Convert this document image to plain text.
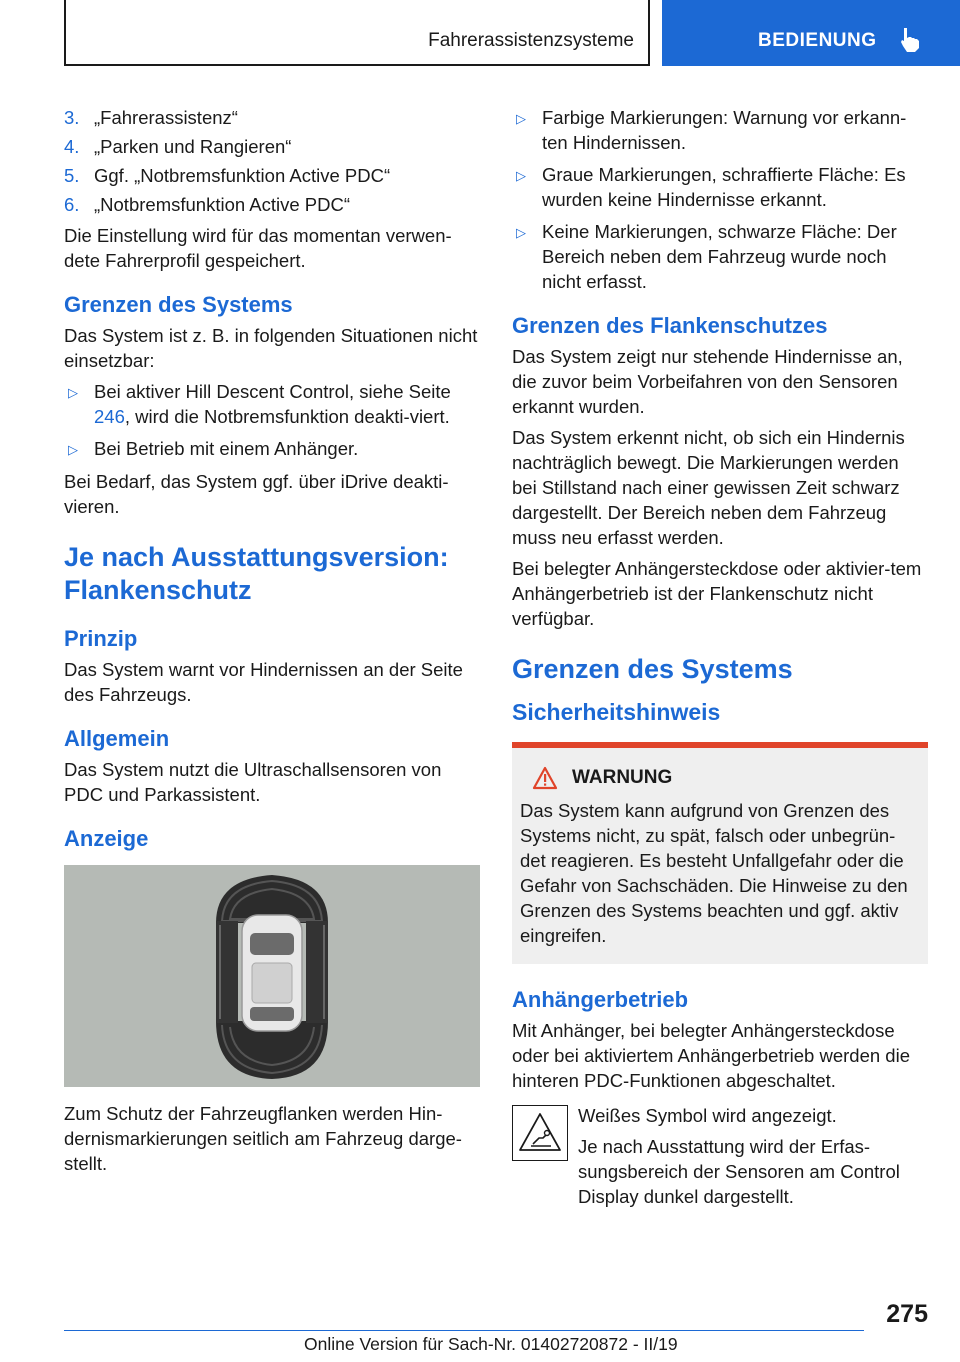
Fahrerassistenzsysteme	BEDIENUNG
3. „Fahrerassistenz“
4. „Parken und Rangieren“
5. Ggf. „Notbremsfunktion Active PDC“
6. „Notbremsfunktion Active PDC“

Die Einstellung wird für das momentan verwen-dete Fahrerprofil gespeichert.

Grenzen des Systems

Das System ist z. B. in folgenden Situationen nicht einsetzbar:

▷ Bei aktiver Hill Descent Control, siehe Seite 246, wird die Notbremsfunktion deakti-viert.
▷ Bei Betrieb mit einem Anhänger.

Bei Bedarf, das System ggf. über iDrive deakti-vieren.

Je nach Ausstattungsversion: Flankenschutz
Prinzip

Das System warnt vor Hindernissen an der Seite des Fahrzeugs.

Allgemein

Das System nutzt die Ultraschallsensoren von PDC und Parkassistent.

Anzeige

Zum Schutz der Fahrzeugflanken werden Hin-dernismarkierungen seitlich am Fahrzeug darge-stellt.

▷ Farbige Markierungen: Warnung vor erkann-ten Hindernissen.
▷ Graue Markierungen, schraffierte Fläche: Es wurden keine Hindernisse erkannt.
▷ Keine Markierungen, schwarze Fläche: Der Bereich neben dem Fahrzeug wurde noch nicht erfasst.
Grenzen des Flankenschutzes

Das System zeigt nur stehende Hindernisse an, die zuvor beim Vorbeifahren von den Sensoren erkannt wurden.

Das System erkennt nicht, ob sich ein Hindernis nachträglich bewegt. Die Markierungen werden bei Stillstand nach einer gewissen Zeit schwarz dargestellt. Der Bereich neben dem Fahrzeug muss neu erfasst werden.

Bei belegter Anhängersteckdose oder aktivier-tem Anhängerbetrieb ist der Flankenschutz nicht verfügbar.

Grenzen des Systems
Sicherheitshinweis
WARNUNG

Das System kann aufgrund von Grenzen des Systems nicht, zu spät, falsch oder unbegrün-det reagieren. Es besteht Unfallgefahr oder die Gefahr von Sachschäden. Die Hinweise zu den Grenzen des Systems beachten und ggf. aktiv eingreifen.

Anhängerbetrieb

Mit Anhänger, bei belegter Anhängersteckdose oder bei aktiviertem Anhängerbetrieb werden die hinteren PDC-Funktionen abgeschaltet.

Weißes Symbol wird angezeigt.

Je nach Ausstattung wird der Erfas-sungsbereich der Sensoren am Control Display dunkel dargestellt.

275
Online Version für Sach-Nr. 01402720872 - II/19
